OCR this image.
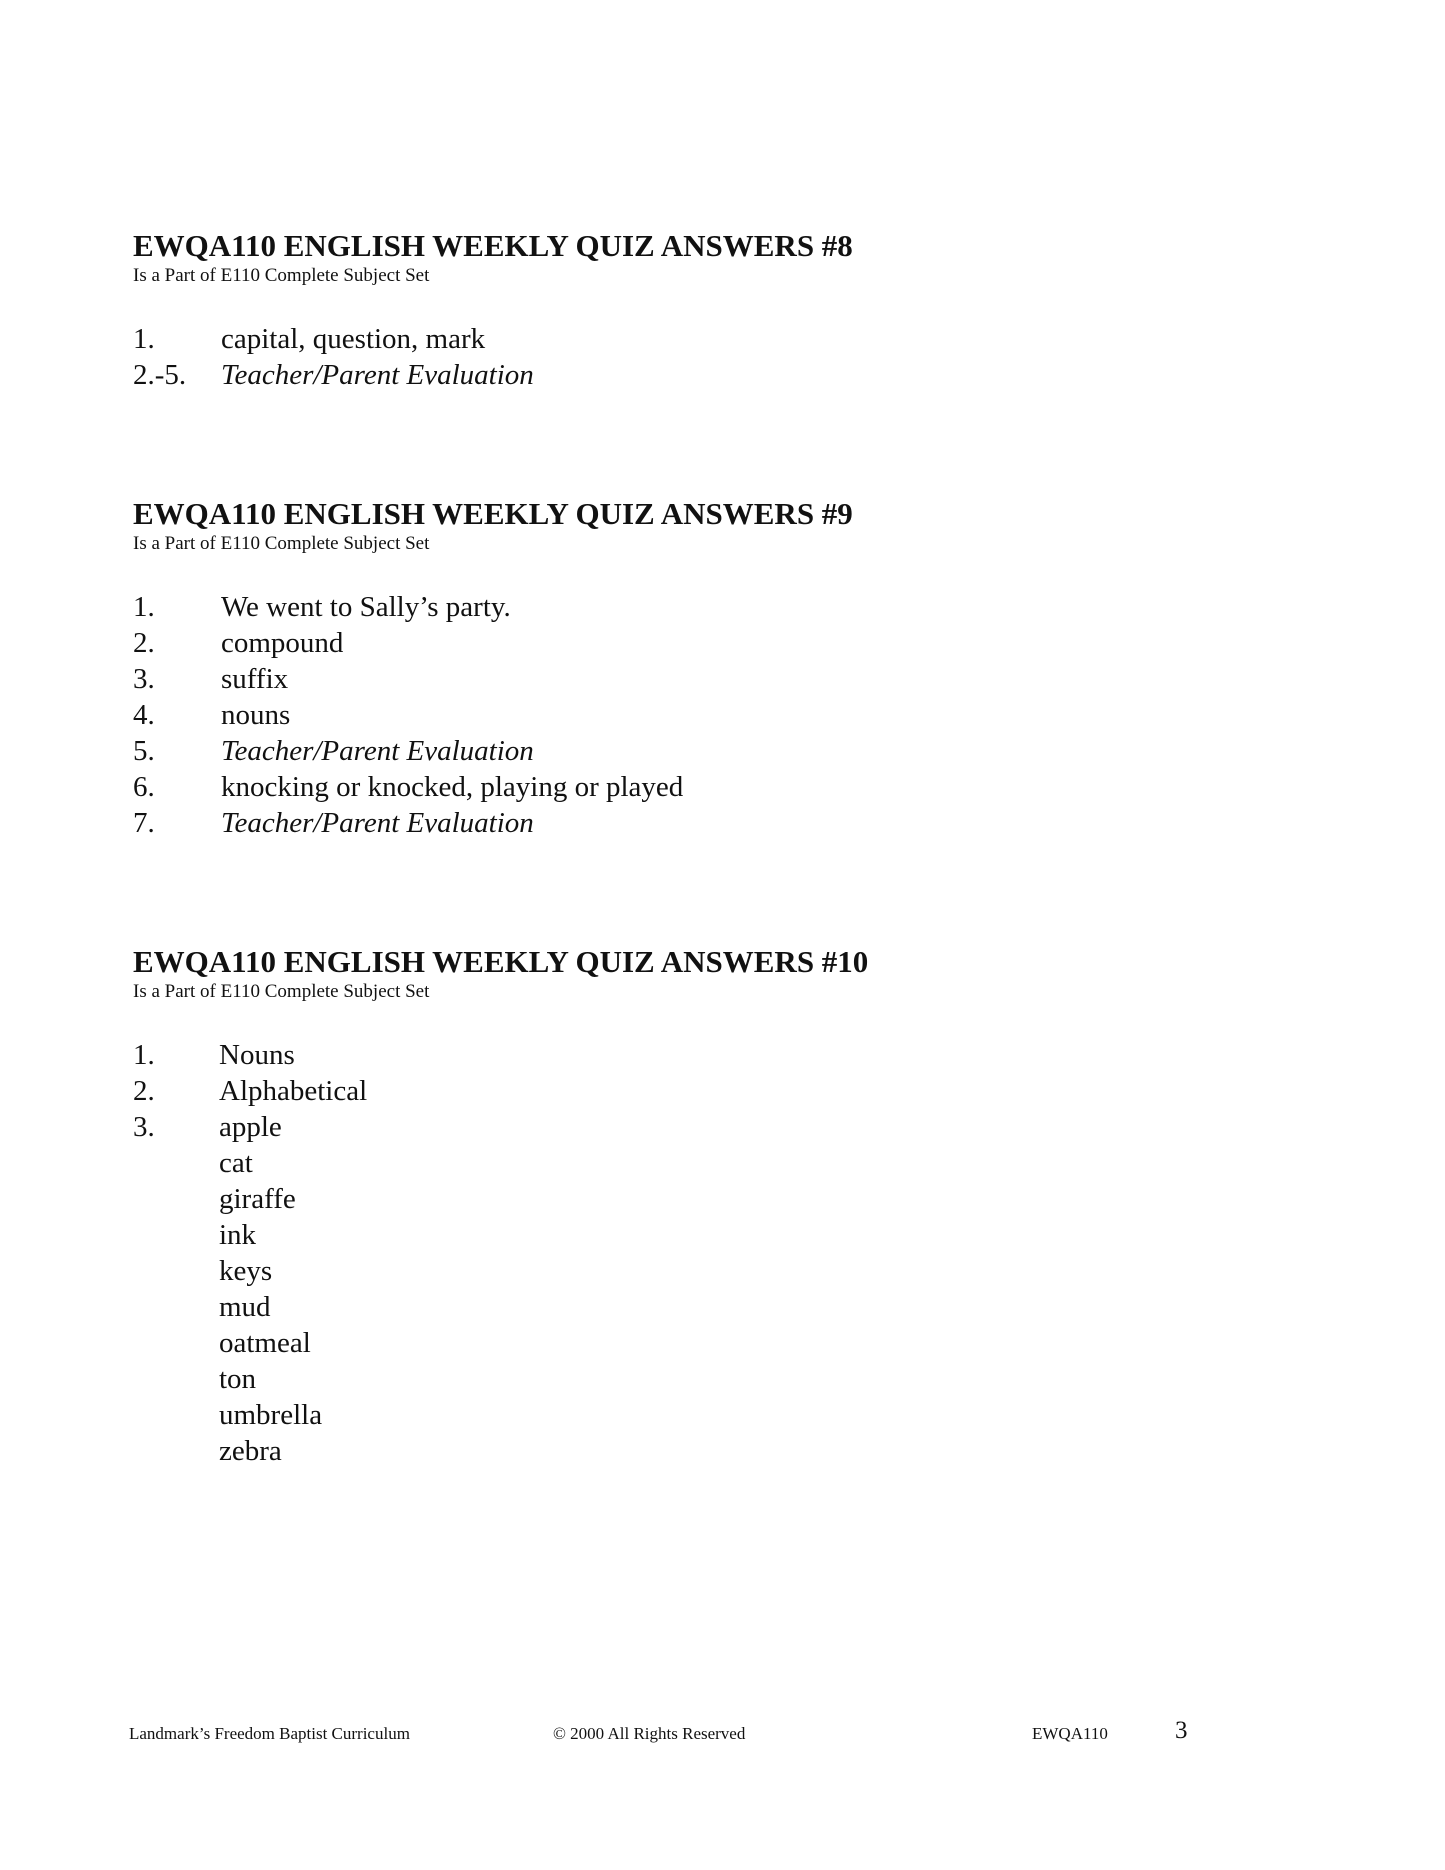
EWQA110 ENGLISH WEEKLY QUIZ ANSWERS #8
Is a Part of E110 Complete Subject Set
1. capital, question, mark
2.-5. Teacher/Parent Evaluation
EWQA110 ENGLISH WEEKLY QUIZ ANSWERS #9
Is a Part of E110 Complete Subject Set
1. We went to Sally’s party.
2. compound
3. suffix
4. nouns
5. Teacher/Parent Evaluation
6. knocking or knocked, playing or played
7. Teacher/Parent Evaluation
EWQA110 ENGLISH WEEKLY QUIZ ANSWERS #10
Is a Part of E110 Complete Subject Set
1. Nouns
2. Alphabetical
3. apple
cat
giraffe
ink
keys
mud
oatmeal
ton
umbrella
zebra
Landmark’s Freedom Baptist Curriculum	© 2000 All Rights Reserved	EWQA110	3
